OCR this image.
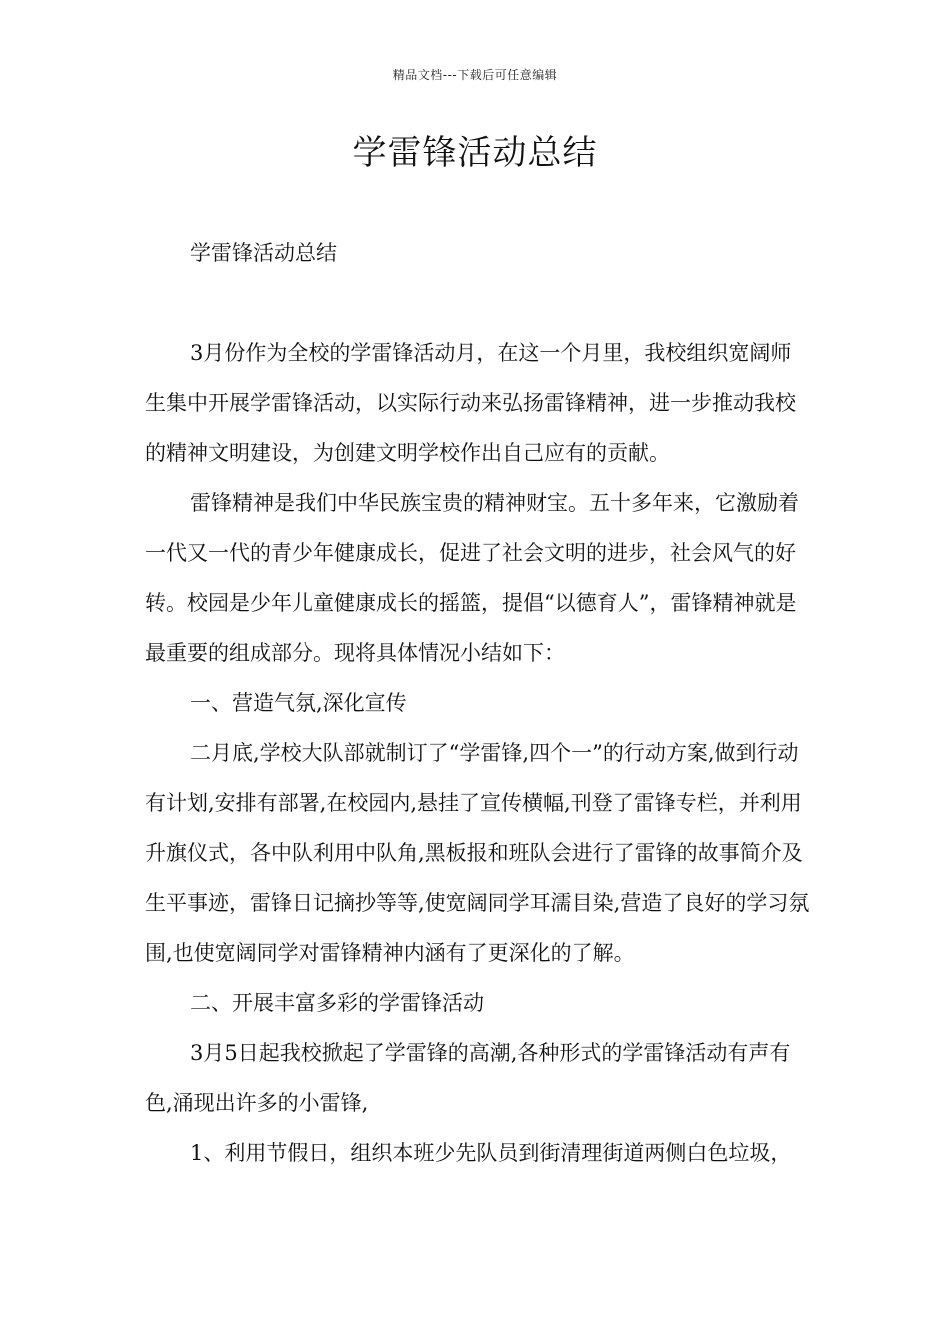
精品文档---下载后可任意编辑
学雷锋活动总结
学雷锋活动总结

3月份作为全校的学雷锋活动月，在这一个月里，我校组织宽阔师生集中开展学雷锋活动，以实际行动来弘扬雷锋精神，进一步推动我校的精神文明建设，为创建文明学校作出自己应有的贡献。

雷锋精神是我们中华民族宝贵的精神财宝。五十多年来，它激励着一代又一代的青少年健康成长，促进了社会文明的进步，社会风气的好转。校园是少年儿童健康成长的摇篮，提倡“以德育人”，雷锋精神就是最重要的组成部分。现将具体情况小结如下：

一、营造气氛,深化宣传

二月底,学校大队部就制订了“学雷锋,四个一”的行动方案,做到行动有计划,安排有部署,在校园内,悬挂了宣传横幅,刊登了雷锋专栏，并利用升旗仪式，各中队利用中队角,黑板报和班队会进行了雷锋的故事简介及生平事迹，雷锋日记摘抄等等,使宽阔同学耳濡目染,营造了良好的学习氛围,也使宽阔同学对雷锋精神内涵有了更深化的了解。

二、开展丰富多彩的学雷锋活动

3月5日起我校掀起了学雷锋的高潮,各种形式的学雷锋活动有声有色,涌现出许多的小雷锋,

1、利用节假日，组织本班少先队员到街清理街道两侧白色垃圾，
